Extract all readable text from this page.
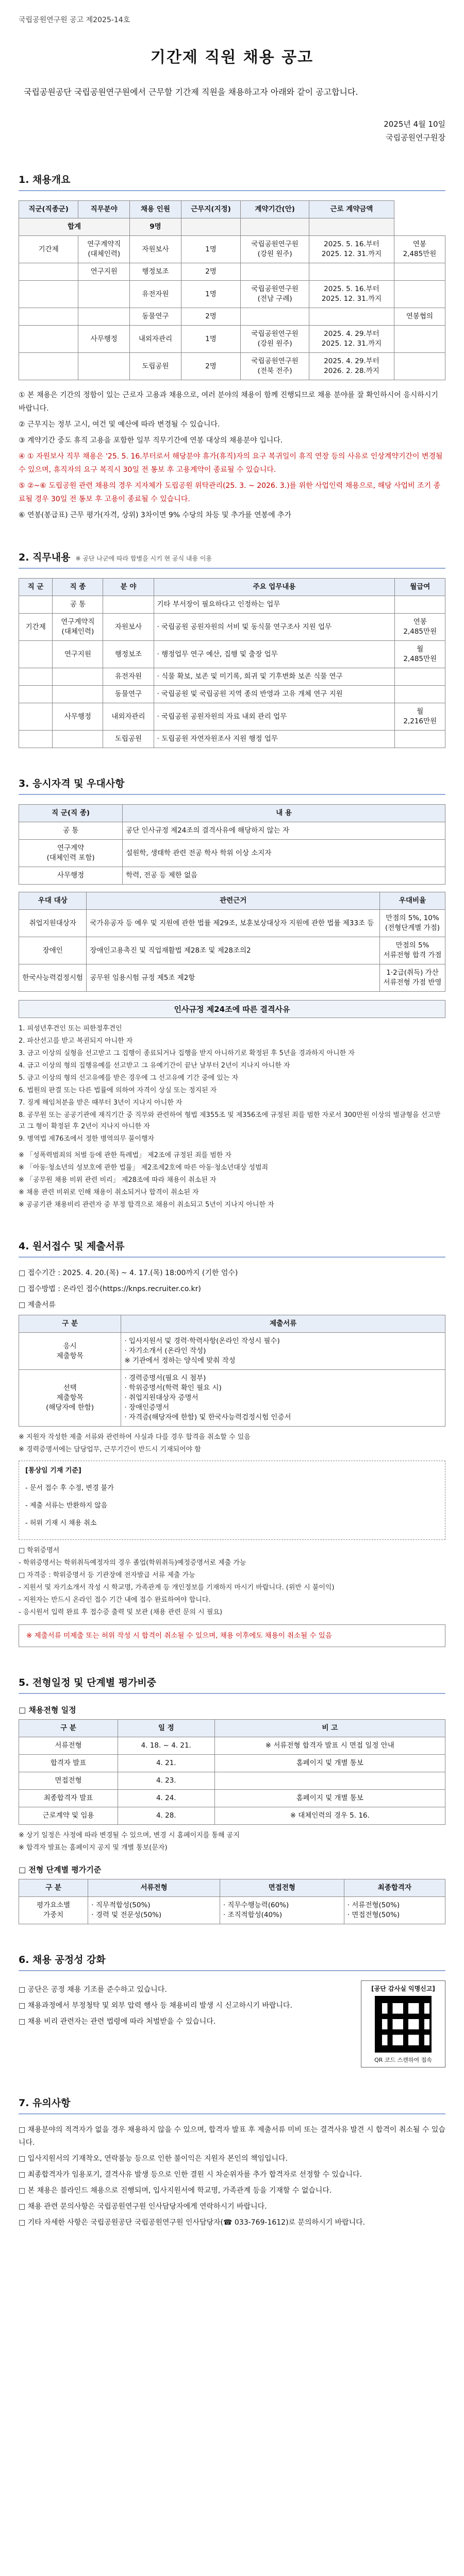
국립공원연구원 공고 제2025-14호
기간제 직원 채용 공고
국립공원공단 국립공원연구원에서 근무할 기간제 직원을 채용하고자 아래와 같이 공고합니다.
2025년 4월 10일
국립공원연구원장
1. 채용개요
직군(직종군)	직무분야	채용 인원	근무지(지정)	계약기간(안)	근로 계약금액	
합계		9명				
기간제	연구계약직
(대체인력)	자원보사	1명	국립공원연구원
(강원 원주)	2025. 5. 16.부터
2025. 12. 31.까지	연봉
2,485만원
	연구지원	행정보조	2명			
		유전자원	1명	국립공원연구원
(전남 구례)	2025. 5. 16.부터
2025. 12. 31.까지	
		동물연구	2명			연봉협의
	사무행정	내외자관리	1명	국립공원연구원
(강원 원주)	2025. 4. 29.부터
2025. 12. 31.까지	
		도립공원	2명	국립공원연구원
(전북 전주)	2025. 4. 29.부터
2026. 2. 28.까지	

① 본 채용은 기간의 정함이 있는 근로자 고용과 채용으로, 여러 분야의 채용이 함께 진행되므로 채용 분야를 잘 확인하시어 응시하시기 바랍니다.

② 근무지는 정부 고시, 여건 및 예산에 따라 변경될 수 있습니다.

③ 계약기간 중도 휴직 고용을 포함한 일부 직무기간에 연봉 대상의 채용분야 입니다.

④ ① 자원보사 직무 채용은 '25. 5. 16.부터로서 해당분야 휴가(휴직)자의 요구 복귀일이 휴직 연장 등의 사유로 인상계약기간이 변경될 수 있으며, 휴직자의 요구 복직시 30일 전 통보 후 고용계약이 종료될 수 있습니다.

⑤ ②~⑥ 도립공원 관련 채용의 경우 지자체가 도립공원 위탁관리(25. 3. ~ 2026. 3.)를 위한 사업인력 채용으로, 해당 사업비 조기 종료될 경우 30일 전 통보 후 고용이 종료될 수 있습니다.

⑥ 연봉(봉급표) 근무 평가(자격, 상위) 3차이면 9% 수당의 차등 및 추가를 연봉에 추가

2. 직무내용 ※ 공단 나군에 따라 합병을 시키 현 공식 내용 이용
직 군	직 종	분 야	주요 업무내용	월급여
	공 통		기타 부서장이 필요하다고 인정하는 업무	
기간제	연구계약직
(대체인력)	자원보사	· 국립공원 공원자원의 서비 및 동식물 연구조사 지원 업무	연봉
2,485만원
	연구지원	행정보조	· 행정업무 연구 예산, 집행 및 출장 업무	월
2,485만원
		유전자원	· 식물 확보, 보존 및 미기록, 희귀 및 기후변화 보존 식물 연구	
		동물연구	· 국립공원 및 국립공원 지역 종의 반영과 고유 개체 연구 지원	
	사무행정	내외자관리	· 국립공원 공원자원의 자료 내외 관리 업무	월
2,216만원
		도립공원	· 도립공원 자연자원조사 지원 행정 업무	
3. 응시자격 및 우대사항
직 군(직 종)	내 용
공 통	공단 인사규정 제24조의 결격사유에 해당하지 않는 자
연구계약
(대체인력 포함)	설원학, 생태학 관련 전공 학사 학위 이상 소지자
사무행정	학력, 전공 등 제한 없음
우대 대상	관련근거	우대비율
취업지원대상자	국가유공자 등 예우 및 지원에 관한 법률 제29조, 보훈보상대상자 지원에 관한 법률 제33조 등	만점의 5%, 10%
(전형단계별 가점)
장애인	장애인고용촉진 및 직업재활법 제28조 및 제28조의2	만점의 5%
서류전형 합격 가점
한국사능력검정시험	공무원 임용시험 규정 제5조 제2항	1·2급(취득) 가산
서류전형 가점 반영
인사규정 제24조에 따른 결격사유

1. 피성년후견인 또는 피한정후견인

2. 파산선고를 받고 복권되지 아니한 자

3. 금고 이상의 실형을 선고받고 그 집행이 종료되거나 집행을 받지 아니하기로 확정된 후 5년을 경과하지 아니한 자

4. 금고 이상의 형의 집행유예를 선고받고 그 유예기간이 끝난 날부터 2년이 지나지 아니한 자

5. 금고 이상의 형의 선고유예를 받은 경우에 그 선고유예 기간 중에 있는 자

6. 법원의 판결 또는 다른 법률에 의하여 자격이 상실 또는 정지된 자

7. 징계 해임처분을 받은 때부터 3년이 지나지 아니한 자

8. 공무원 또는 공공기관에 재직기간 중 직무와 관련하여 형법 제355조 및 제356조에 규정된 죄를 범한 자로서 300만원 이상의 벌금형을 선고받고 그 형이 확정된 후 2년이 지나지 아니한 자

9. 병역법 제76조에서 정한 병역의무 불이행자

※ 「성폭력범죄의 처벌 등에 관한 특례법」 제2조에 규정된 죄를 범한 자

※ 「아동·청소년의 성보호에 관한 법률」 제2조제2호에 따른 아동·청소년대상 성범죄

※ 「공무원 채용 비위 관련 비리」 제28조에 따라 채용이 취소된 자

※ 채용 관련 비위로 인해 채용이 취소되거나 합격이 취소된 자

※ 공공기관 채용비리 관련자 중 부정 합격으로 채용이 취소되고 5년이 지나지 아니한 자

4. 원서접수 및 제출서류

□ 접수기간 : 2025. 4. 20.(목) ~ 4. 17.(목) 18:00까지 (기한 엄수)

□ 접수방법 : 온라인 접수(https://knps.recruiter.co.kr)

□ 제출서류

구 분	제출서류
응시
제출항목	· 입사지원서 및 경력·학력사항(온라인 작성시 필수)
· 자기소개서 (온라인 작성)
※ 기관에서 정하는 양식에 맞춰 작성
선택
제출항목
(해당자에 한함)	· 경력증명서(필요 시 첨부)
· 학위증명서(학력 확인 필요 시)
· 취업지원대상자 증명서
· 장애인증명서
· 자격증(해당자에 한함) 및 한국사능력검정시험 인증서

※ 지원자 작성한 제출 서류와 관련하여 사실과 다를 경우 합격을 취소할 수 있음

※ 경력증명서에는 담당업무, 근무기간이 반드시 기재되어야 함

[통상임 기재 기준]

- 문서 접수 후 수정, 변경 불가

- 제출 서류는 반환하지 않음

- 허위 기재 시 채용 취소

□ 학위증명서

- 학위증명서는 학위취득예정자의 경우 졸업(학위취득)예정증명서로 제출 가능

□ 자격증 : 학위증명서 등 기관장에 전자발급 서류 제출 가능

- 지원서 및 자기소개서 작성 시 학교명, 가족관계 등 개인정보를 기재하지 마시기 바랍니다. (위반 시 불이익)

- 지원자는 반드시 온라인 접수 기간 내에 접수 완료하여야 합니다.

- 응시원서 입력 완료 후 접수증 출력 및 보관 (채용 관련 문의 시 필요)

※ 제출서류 미제출 또는 허위 작성 시 합격이 취소될 수 있으며, 채용 이후에도 채용이 취소될 수 있음
5. 전형일정 및 단계별 평가비중
□ 채용전형 일정
구 분	일 정	비 고
서류전형	4. 18. ~ 4. 21.	※ 서류전형 합격자 발표 시 면접 일정 안내
합격자 발표	4. 21.	홈페이지 및 개별 통보
면접전형	4. 23.	
최종합격자 발표	4. 24.	홈페이지 및 개별 통보
근로계약 및 임용	4. 28.	※ 대체인력의 경우 5. 16.

※ 상기 일정은 사정에 따라 변경될 수 있으며, 변경 시 홈페이지를 통해 공지

※ 합격자 발표는 홈페이지 공지 및 개별 통보(문자)

□ 전형 단계별 평가기준
구 분	서류전형	면접전형	최종합격자
평가요소별
가중치	· 직무적합성(50%)
· 경력 및 전문성(50%)	· 직무수행능력(60%)
· 조직적합성(40%)	· 서류전형(50%)
· 면접전형(50%)
6. 채용 공정성 강화

□ 공단은 공정 채용 기조를 준수하고 있습니다.

□ 채용과정에서 부정청탁 및 외부 압력 행사 등 채용비리 발생 시 신고하시기 바랍니다.

□ 채용 비리 관련자는 관련 법령에 따라 처벌받을 수 있습니다.

[공단 감사실 익명신고]
QR 코드 스캔하여 접속
7. 유의사항

□ 채용분야의 적격자가 없을 경우 채용하지 않을 수 있으며, 합격자 발표 후 제출서류 미비 또는 결격사유 발견 시 합격이 취소될 수 있습니다.

□ 입사지원서의 기재착오, 연락불능 등으로 인한 불이익은 지원자 본인의 책임입니다.

□ 최종합격자가 임용포기, 결격사유 발생 등으로 인한 결원 시 차순위자를 추가 합격자로 선정할 수 있습니다.

□ 본 채용은 블라인드 채용으로 진행되며, 입사지원서에 학교명, 가족관계 등을 기재할 수 없습니다.

□ 채용 관련 문의사항은 국립공원연구원 인사담당자에게 연락하시기 바랍니다.

□ 기타 자세한 사항은 국립공원공단 국립공원연구원 인사담당자(☎ 033-769-1612)로 문의하시기 바랍니다.
